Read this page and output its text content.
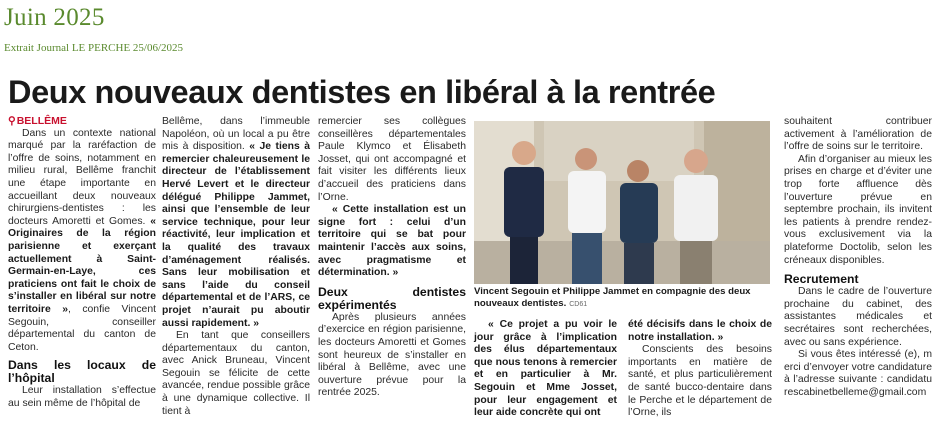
Juin 2025
Extrait Journal LE PERCHE 25/06/2025
Deux nouveaux dentistes en libéral à la rentrée

⚲BELLÊME

Dans un contexte national marqué par la raréfaction de l’offre de soins, notamment en milieu rural, Bellême franchit une étape importante en accueillant deux nouveaux chirurgiens-dentistes : les docteurs Amoretti et Gomes. « Originaires de la région parisienne et exerçant actuellement à Saint-Germain-en-Laye, ces praticiens ont fait le choix de s’installer en libéral sur notre territoire », confie Vincent Segouin, conseiller départemental du canton de Ceton.

Dans les locaux de l’hôpital

Leur installation s’effectue au sein même de l’hôpital de

Bellême, dans l’immeuble Napoléon, où un local a pu être mis à disposition. « Je tiens à remercier chaleureusement le directeur de l’établissement Hervé Levert et le directeur délégué Philippe Jammet, ainsi que l’ensemble de leur service technique, pour leur réactivité, leur implication et la qualité des travaux d’aménagement réalisés. Sans leur mobilisation et sans l’aide du conseil départemental et de l’ARS, ce projet n’aurait pu aboutir aussi rapidement. »

En tant que conseillers départementaux du canton, avec Anick Bruneau, Vincent Segouin se félicite de cette avancée, rendue possible grâce à une dynamique collective. Il tient à

remercier ses collègues conseillères départementales Paule Klymco et Élisabeth Josset, qui ont accompagné et fait visiter les différents lieux d’accueil des praticiens dans l’Orne.

« Cette installation est un signe fort : celui d’un territoire qui se bat pour maintenir l’accès aux soins, avec pragmatisme et détermination. »

Deux dentistes expérimentés

Après plusieurs années d’exercice en région parisienne, les docteurs Amoretti et Gomes sont heureux de s’installer en libéral à Bellême, avec une ouverture prévue pour la rentrée 2025.

Vincent Segouin et Philippe Jammet en compagnie des deux nouveaux dentistes. CD61

« Ce projet a pu voir le jour grâce à l’implication des élus départementaux que nous tenons à remercier et en particulier à Mr. Segouin et Mme Josset, pour leur engagement et leur aide concrète qui ont

été décisifs dans le choix de notre installation. »

Conscients des besoins importants en matière de santé, et plus particulièrement de santé bucco-dentaire dans le Perche et le département de l’Orne, ils

souhaitent contribuer activement à l’amélioration de l’offre de soins sur le territoire.

Afin d’organiser au mieux les prises en charge et d’éviter une trop forte affluence dès l’ouverture prévue en septembre prochain, ils invitent les patients à prendre rendez-vous exclusivement via la plateforme Doctolib, selon les créneaux disponibles.

Recrutement

Dans le cadre de l’ouverture prochaine du cabinet, des assistantes médicales et secrétaires sont recherchées, avec ou sans expérience.

Si vous êtes intéressé (e), merci d’envoyer votre candidature à l’adresse suivante : candidaturescabinetbelleme@gmail.com
